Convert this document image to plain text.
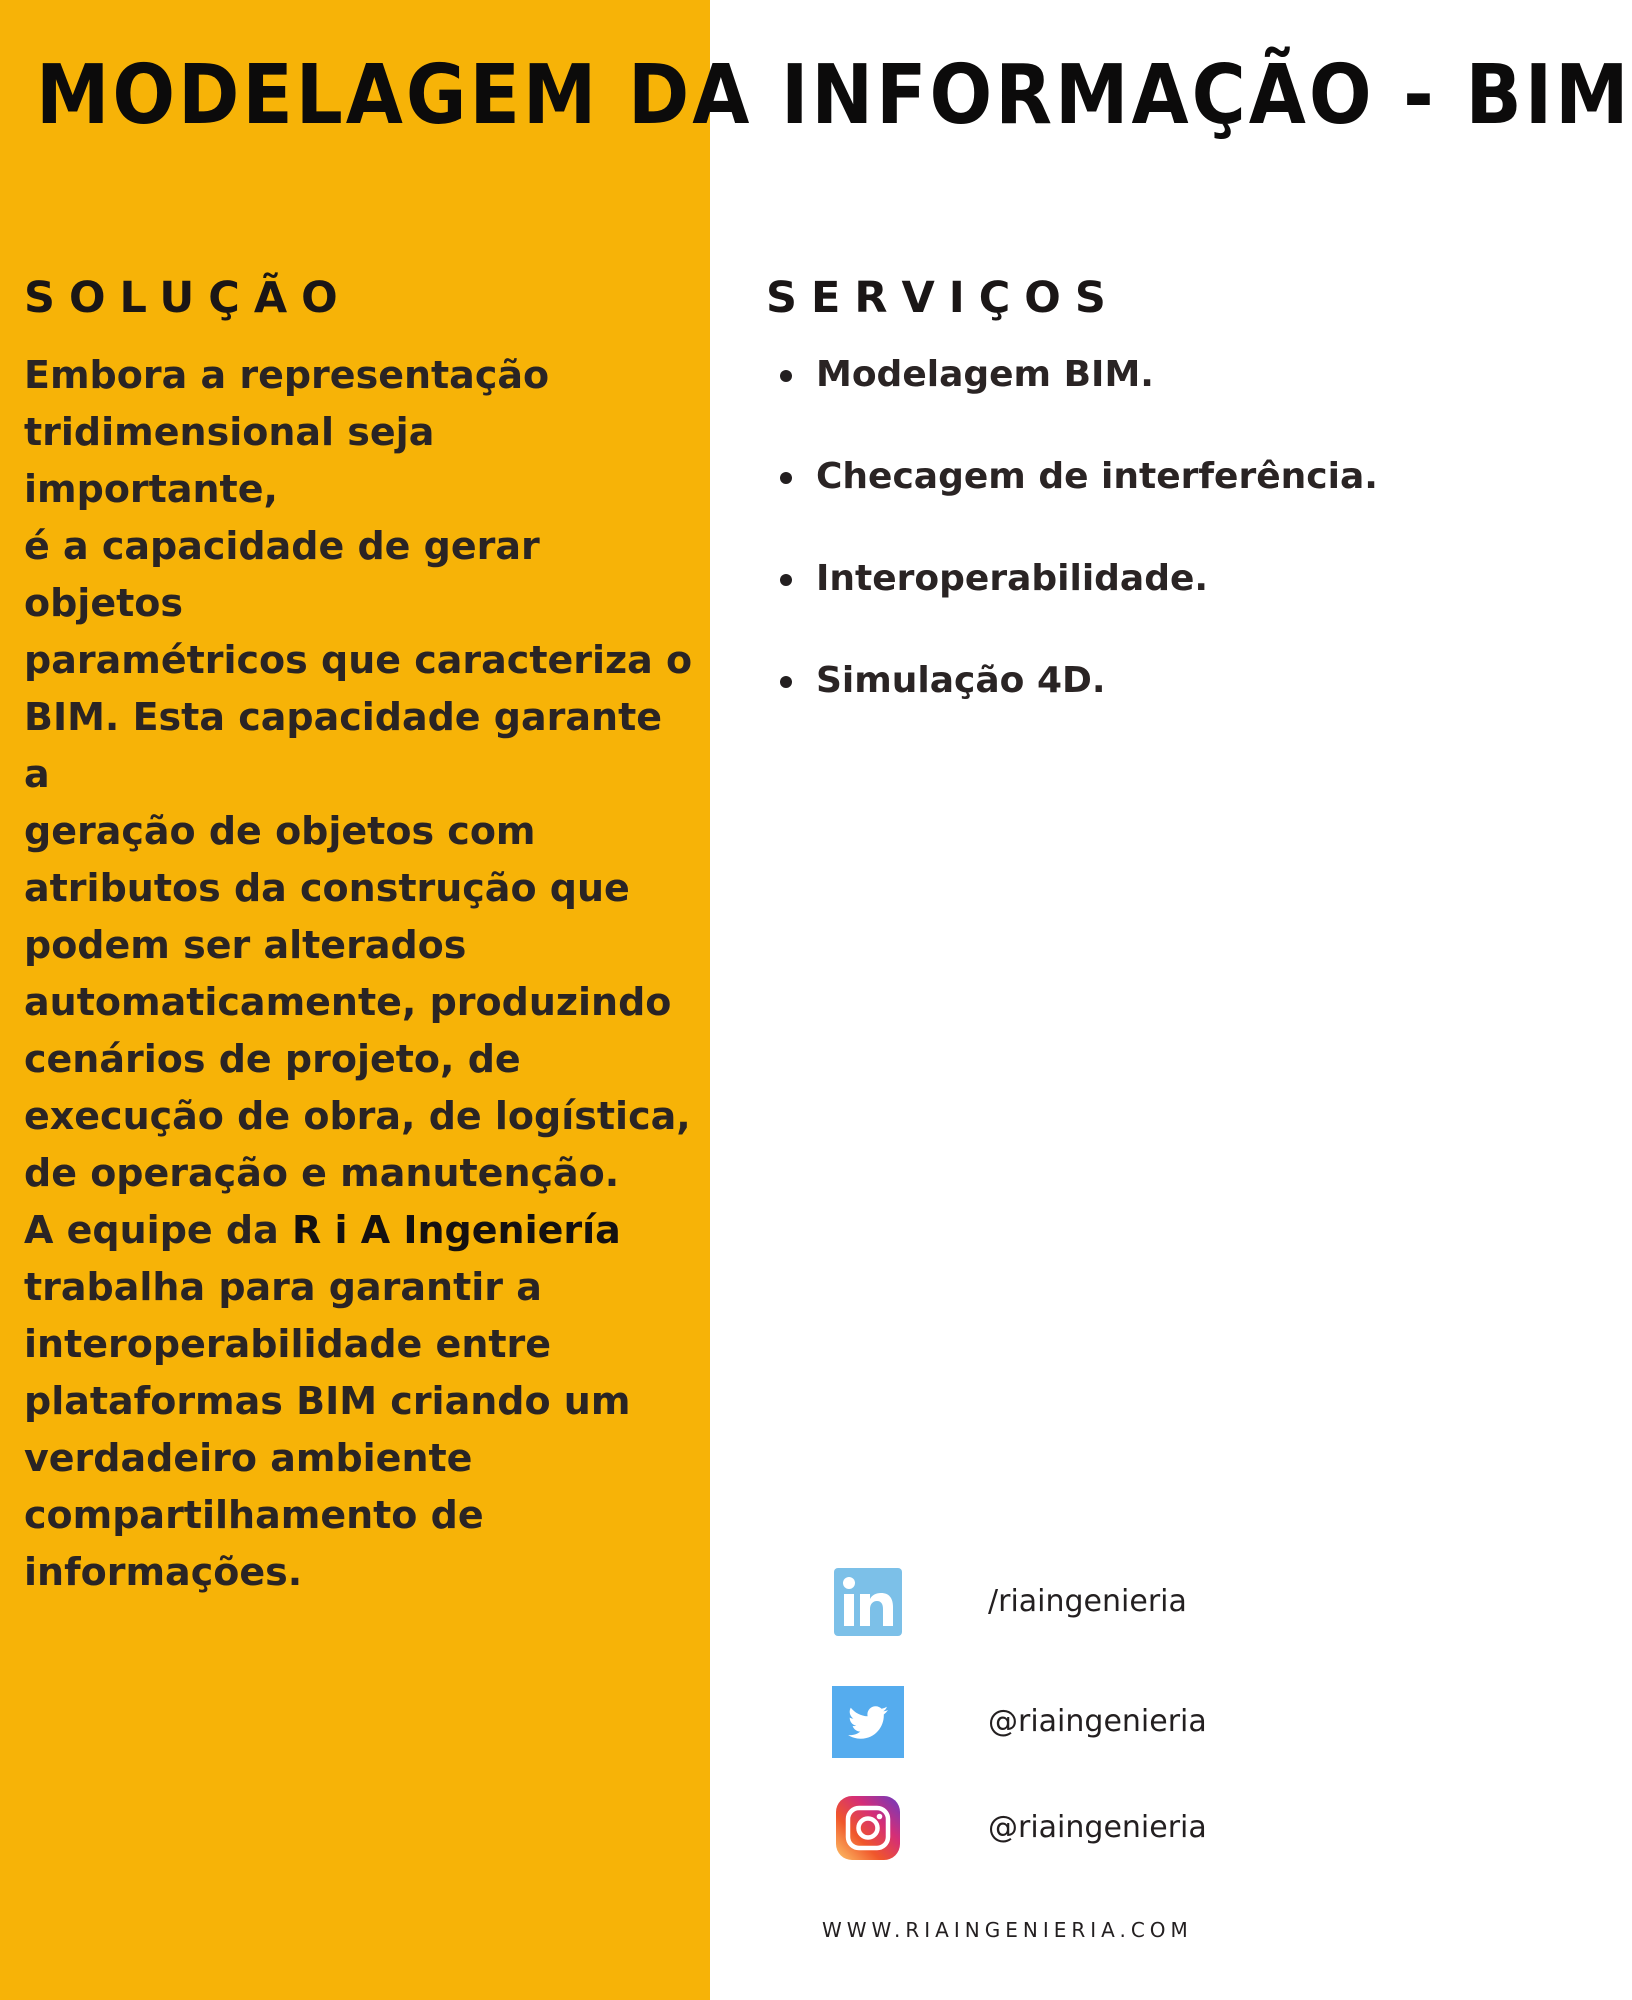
MODELAGEM DA INFORMAÇÃO - BIM
SOLUÇÃO

Embora a representação
tridimensional seja importante,
é a capacidade de gerar objetos
paramétricos que caracteriza o
BIM. Esta capacidade garante a
geração de objetos com
atributos da construção que
podem ser alterados
automaticamente, produzindo
cenários de projeto, de
execução de obra, de logística,
de operação e manutenção.
A equipe da R i A Ingeniería
trabalha para garantir a
interoperabilidade entre
plataformas BIM criando um
verdadeiro ambiente
compartilhamento de
informações.

SERVIÇOS
Modelagem BIM.
Checagem de interferência.
Interoperabilidade.
Simulação 4D.
/riaingenieria
@riaingenieria
@riaingenieria
WWW.RIAINGENIERIA.COM
